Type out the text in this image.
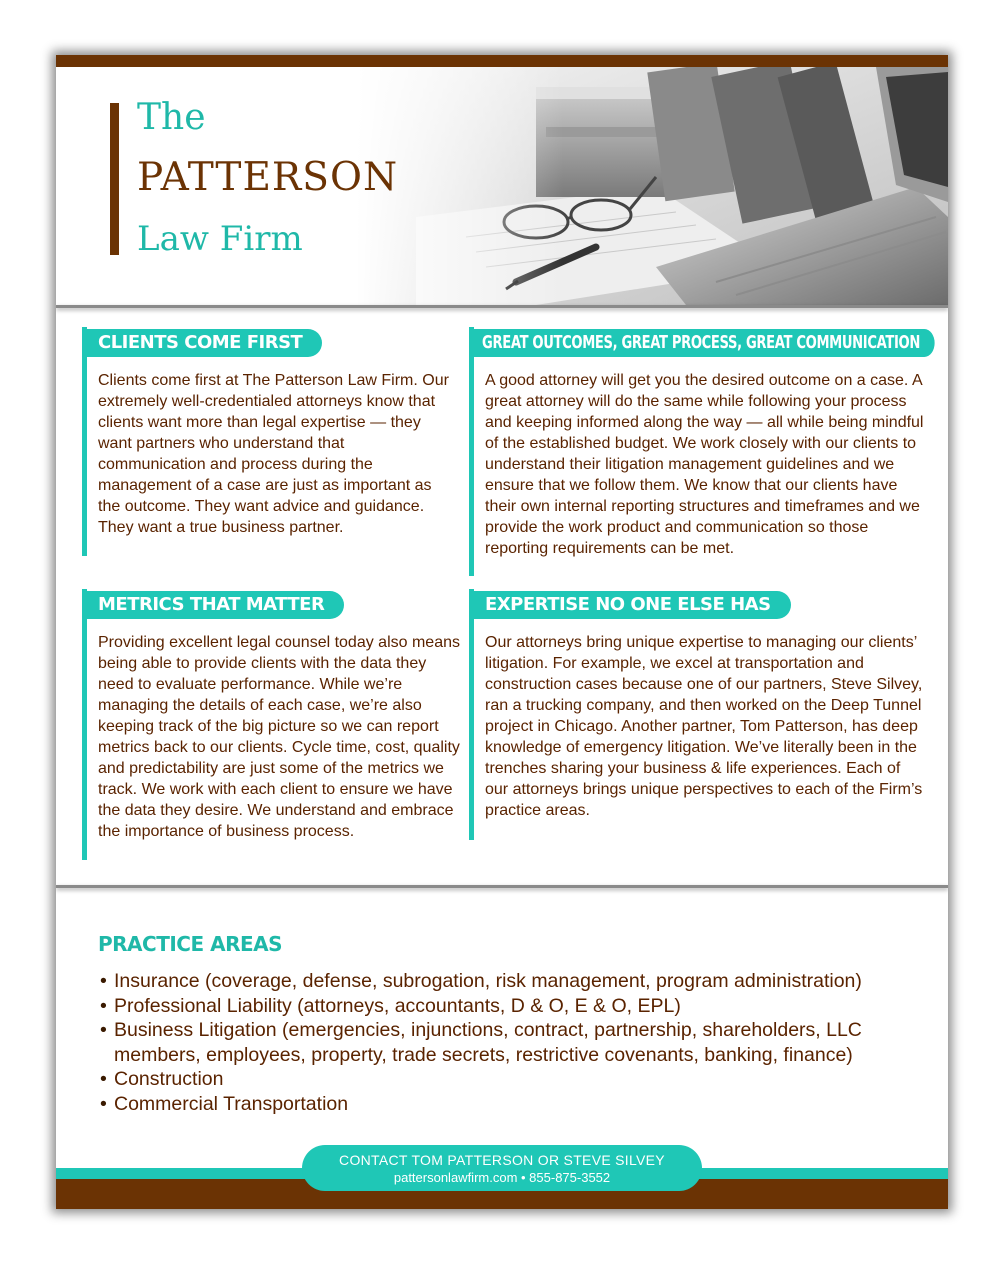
The
PATTERSON
Law Firm
CLIENTS COME FIRST

Clients come first at The Patterson Law Firm. Our extremely well-credentialed attorneys know that clients want more than legal expertise — they want partners who understand that communication and process during the management of a case are just as important as the outcome. They want advice and guidance. They want a true business partner.

GREAT OUTCOMES, GREAT PROCESS, GREAT COMMUNICATION

A good attorney will get you the desired outcome on a case. A great attorney will do the same while following your process and keeping informed along the way — all while being mindful of the established budget. We work closely with our clients to understand their litigation management guidelines and we ensure that we follow them. We know that our clients have their own internal reporting structures and timeframes and we provide the work product and communication so those reporting requirements can be met.

METRICS THAT MATTER

Providing excellent legal counsel today also means being able to provide clients with the data they need to evaluate performance. While we’re managing the details of each case, we’re also keeping track of the big picture so we can report metrics back to our clients. Cycle time, cost, quality and predictability are just some of the metrics we track. We work with each client to ensure we have the data they desire. We understand and embrace the importance of business process.

EXPERTISE NO ONE ELSE HAS

Our attorneys bring unique expertise to managing our clients’ litigation. For example, we excel at transportation and construction cases because one of our partners, Steve Silvey, ran a trucking company, and then worked on the Deep Tunnel project in Chicago. Another partner, Tom Patterson, has deep knowledge of emergency litigation. We’ve literally been in the trenches sharing your business & life experiences. Each of our attorneys brings unique perspectives to each of the Firm’s practice areas.

PRACTICE AREAS
• Insurance (coverage, defense, subrogation, risk management, program administration)
• Professional Liability (attorneys, accountants, D & O, E & O, EPL)
• Business Litigation (emergencies, injunctions, contract, partnership, shareholders, LLC members, employees, property, trade secrets, restrictive covenants, banking, finance)
• Construction
• Commercial Transportation
CONTACT TOM PATTERSON OR STEVE SILVEY
pattersonlawfirm.com • 855-875-3552
